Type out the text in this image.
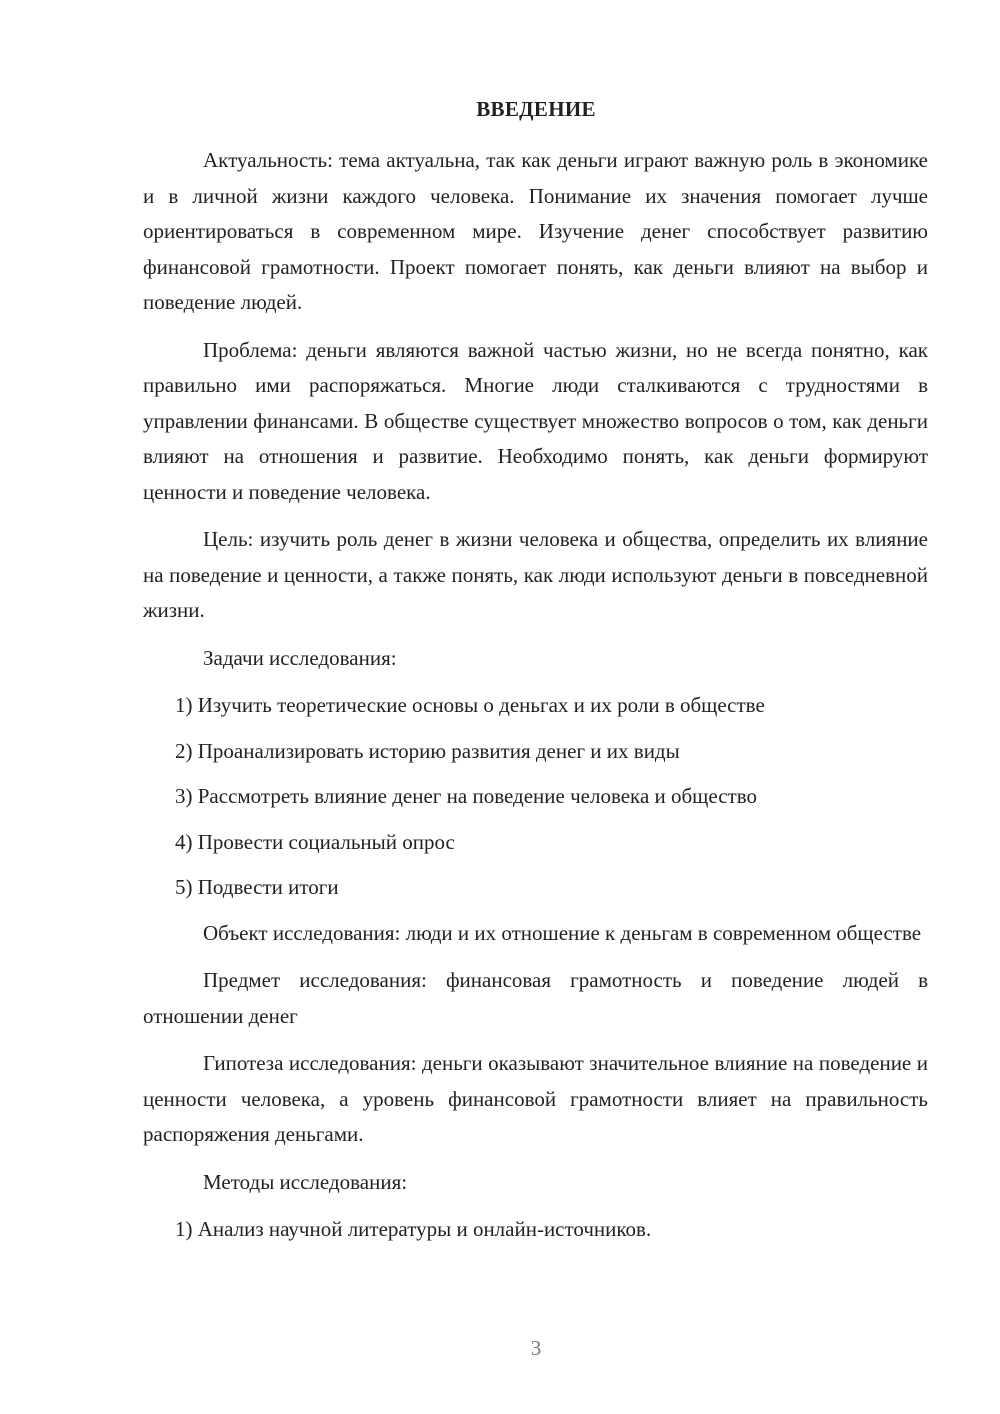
ВВЕДЕНИЕ

Актуальность: тема актуальна, так как деньги играют важную роль в экономике и в личной жизни каждого человека. Понимание их значения помогает лучше ориентироваться в современном мире. Изучение денег способствует развитию финансовой грамотности. Проект помогает понять, как деньги влияют на выбор и поведение людей.

Проблема: деньги являются важной частью жизни, но не всегда понятно, как правильно ими распоряжаться. Многие люди сталкиваются с трудностями в управлении финансами. В обществе существует множество вопросов о том, как деньги влияют на отношения и развитие. Необходимо понять, как деньги формируют ценности и поведение человека.

Цель: изучить роль денег в жизни человека и общества, определить их влияние на поведение и ценности, а также понять, как люди используют деньги в повседневной жизни.

Задачи исследования:

1) Изучить теоретические основы о деньгах и их роли в обществе
2) Проанализировать историю развития денег и их виды
3) Рассмотреть влияние денег на поведение человека и общество
4) Провести социальный опрос
5) Подвести итоги

Объект исследования: люди и их отношение к деньгам в современном обществе

Предмет исследования: финансовая грамотность и поведение людей в отношении денег

Гипотеза исследования: деньги оказывают значительное влияние на поведение и ценности человека, а уровень финансовой грамотности влияет на правильность распоряжения деньгами.

Методы исследования:

1) Анализ научной литературы и онлайн-источников.
3
